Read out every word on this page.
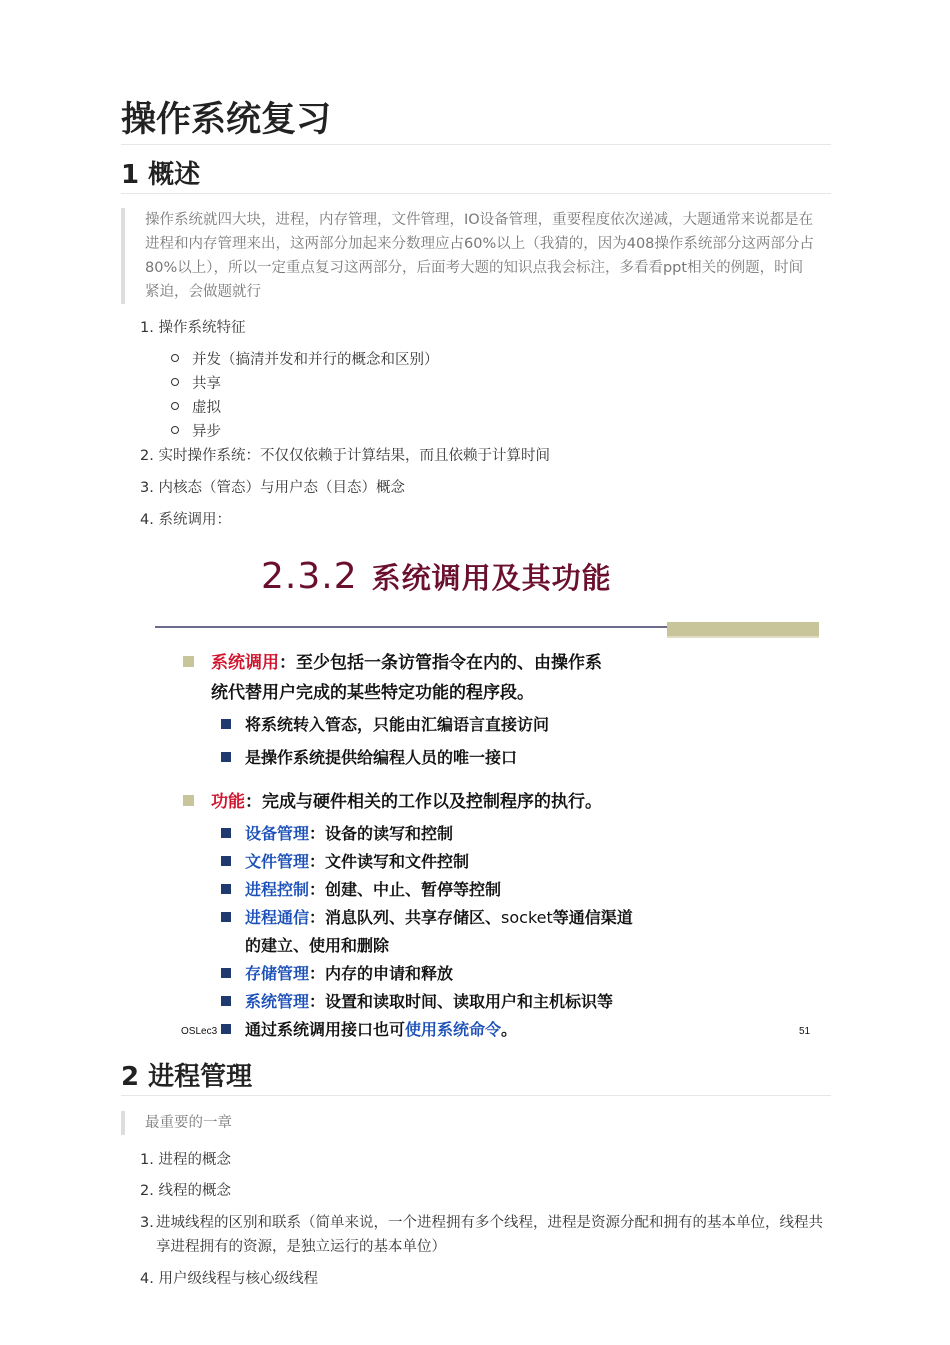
操作系统复习
1 概述
操作系统就四大块，进程，内存管理，文件管理，IO设备管理，重要程度依次递减，大题通常来说都是在进程和内存管理来出，这两部分加起来分数理应占60%以上（我猜的，因为408操作系统部分这两部分占80%以上），所以一定重点复习这两部分，后面考大题的知识点我会标注，多看看ppt相关的例题，时间紧迫，会做题就行
1. 操作系统特征
并发（搞清并发和并行的概念和区别）
共享
虚拟
异步
2. 实时操作系统：不仅仅依赖于计算结果，而且依赖于计算时间
3. 内核态（管态）与用户态（目态）概念
4. 系统调用：
2 进程管理
最重要的一章
1. 进程的概念
2. 线程的概念
3. 进城线程的区别和联系（简单来说，一个进程拥有多个线程，进程是资源分配和拥有的基本单位，线程共享进程拥有的资源，是独立运行的基本单位）
4. 用户级线程与核心级线程
2.3.2 系统调用及其功能
系统调用：至少包括一条访管指令在内的、由操作系
统代替用户完成的某些特定功能的程序段。
将系统转入管态，只能由汇编语言直接访问
是操作系统提供给编程人员的唯一接口
功能：完成与硬件相关的工作以及控制程序的执行。
设备管理：设备的读写和控制
文件管理：文件读写和文件控制
进程控制：创建、中止、暂停等控制
进程通信：消息队列、共享存储区、socket等通信渠道
的建立、使用和删除
存储管理：内存的申请和释放
系统管理：设置和读取时间、读取用户和主机标识等
通过系统调用接口也可使用系统命令。
OSLec3	51
